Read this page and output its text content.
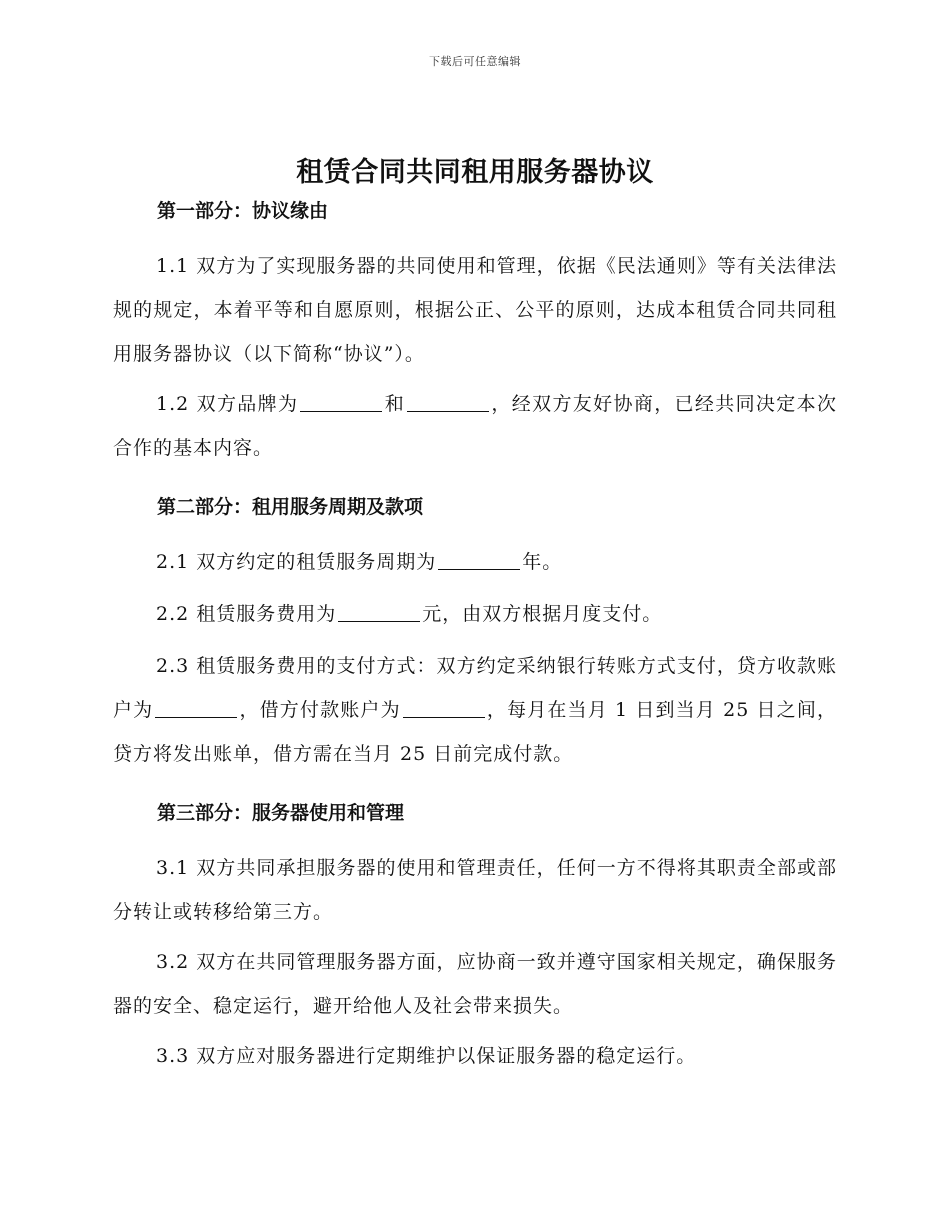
下载后可任意编辑
租赁合同共同租用服务器协议

第一部分：协议缘由

1.1 双方为了实现服务器的共同使用和管理，依据《民法通则》等有关法律法规的规定，本着平等和自愿原则，根据公正、公平的原则，达成本租赁合同共同租用服务器协议（以下简称“协议”）。

1.2 双方品牌为	和	，经双方友好协商，已经共同决定本次合作的基本内容。

第二部分：租用服务周期及款项

2.1 双方约定的租赁服务周期为	年。

2.2 租赁服务费用为	元，由双方根据月度支付。

2.3 租赁服务费用的支付方式：双方约定采纳银行转账方式支付，贷方收款账户为	，借方付款账户为	，每月在当月 1 日到当月 25 日之间，贷方将发出账单，借方需在当月 25 日前完成付款。

第三部分：服务器使用和管理

3.1 双方共同承担服务器的使用和管理责任，任何一方不得将其职责全部或部分转让或转移给第三方。

3.2 双方在共同管理服务器方面，应协商一致并遵守国家相关规定，确保服务器的安全、稳定运行，避开给他人及社会带来损失。

3.3 双方应对服务器进行定期维护以保证服务器的稳定运行。
